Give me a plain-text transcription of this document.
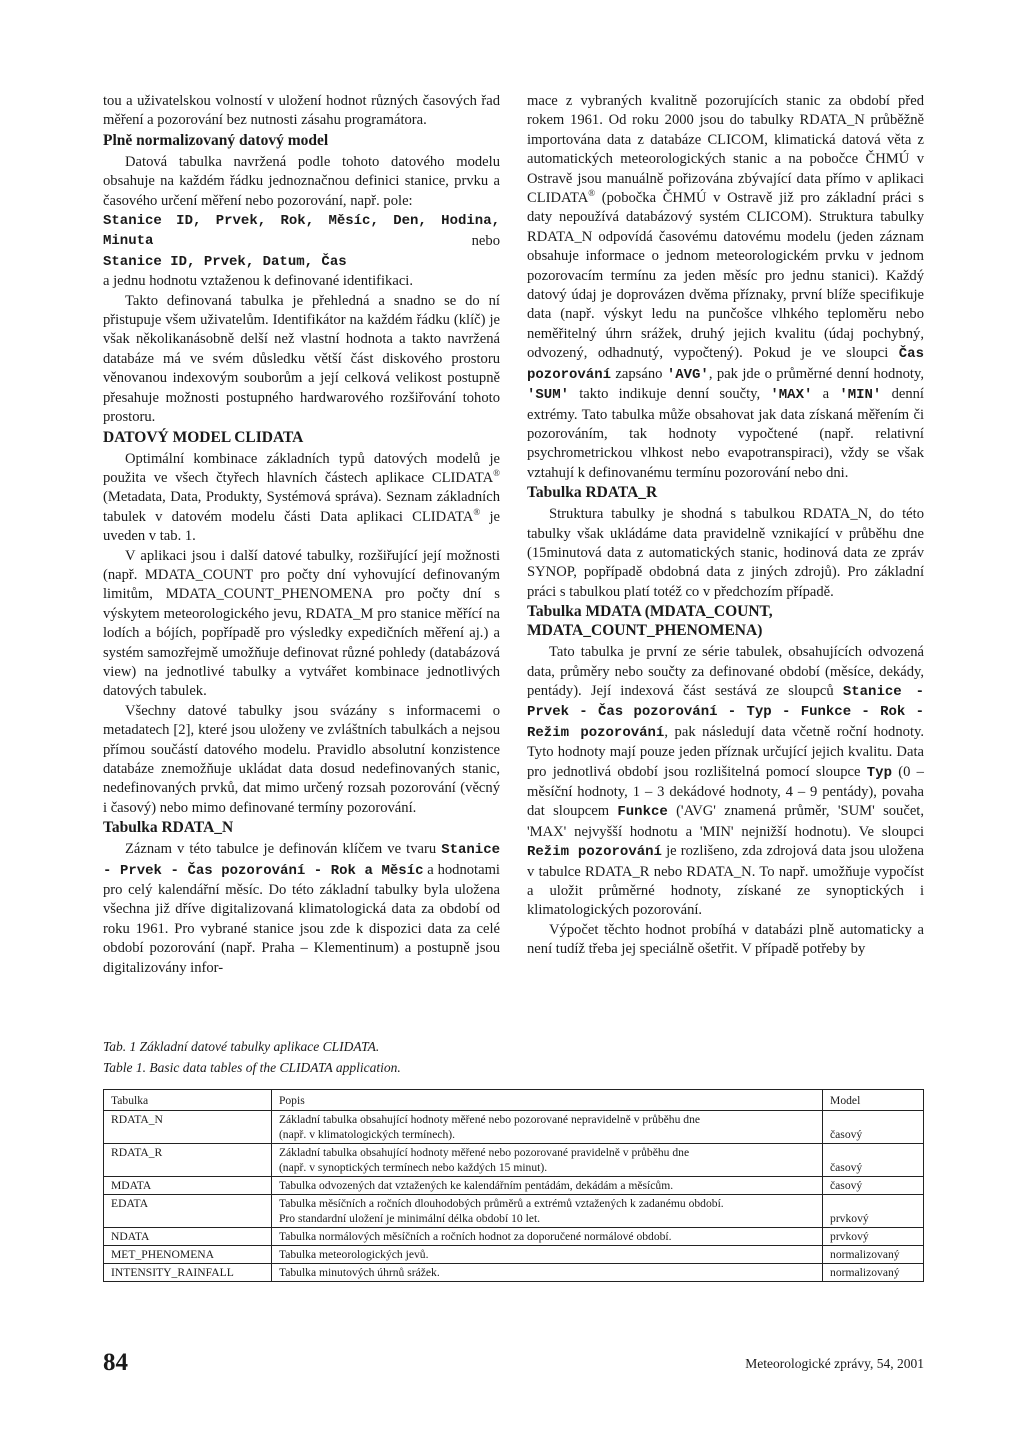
tou a uživatelskou volností v uložení hodnot různých časových řad měření a pozorování bez nutnosti zásahu programátora.

Plně normalizovaný datový model

Datová tabulka navržená podle tohoto datového modelu obsahuje na každém řádku jednoznačnou definici stanice, prvku a časového určení měření nebo pozorování, např. pole:

Stanice ID, Prvek, Rok, Měsíc, Den, Hodina, Minuta	nebo
Stanice ID, Prvek, Datum, Čas

a jednu hodnotu vztaženou k definované identifikaci.

Takto definovaná tabulka je přehledná a snadno se do ní přistupuje všem uživatelům. Identifikátor na každém řádku (klíč) je však několikanásobně delší než vlastní hodnota a takto navržená databáze má ve svém důsledku větší část diskového prostoru věnovanou indexovým souborům a její celková velikost postupně přesahuje možnosti postupného hardwarového rozšiřování tohoto prostoru.

DATOVÝ MODEL CLIDATA

Optimální kombinace základních typů datových modelů je použita ve všech čtyřech hlavních částech aplikace CLIDATA® (Metadata, Data, Produkty, Systémová správa). Seznam základních tabulek v datovém modelu části Data aplikaci CLIDATA® je uveden v tab. 1.

V aplikaci jsou i další datové tabulky, rozšiřující její možnosti (např. MDATA_COUNT pro počty dní vyhovující definovaným limitům, MDATA_COUNT_PHENOMENA pro počty dní s výskytem meteorologického jevu, RDATA_M pro stanice měřící na lodích a bójích, popřípadě pro výsledky expedičních měření aj.) a systém samozřejmě umožňuje definovat různé pohledy (databázová view) na jednotlivé tabulky a vytvářet kombinace jednotlivých datových tabulek.

Všechny datové tabulky jsou svázány s informacemi o metadatech [2], které jsou uloženy ve zvláštních tabulkách a nejsou přímou součástí datového modelu. Pravidlo absolutní konzistence databáze znemožňuje ukládat data dosud nedefinovaných stanic, nedefinovaných prvků, dat mimo určený rozsah pozorování (věcný i časový) nebo mimo definované termíny pozorování.

Tabulka RDATA_N

Záznam v této tabulce je definován klíčem ve tvaru Stanice - Prvek - Čas pozorování - Rok a Měsíc a hodnotami pro celý kalendářní měsíc. Do této základní tabulky byla uložena všechna již dříve digitalizovaná klimatologická data za období od roku 1961. Pro vybrané stanice jsou zde k dispozici data za celé období pozorování (např. Praha – Klementinum) a postupně jsou digitalizovány infor-

mace z vybraných kvalitně pozorujících stanic za období před rokem 1961. Od roku 2000 jsou do tabulky RDATA_N průběžně importována data z databáze CLICOM, klimatická datová věta z automatických meteorologických stanic a na pobočce ČHMÚ v Ostravě jsou manuálně pořizována zbývající data přímo v aplikaci CLIDATA® (pobočka ČHMÚ v Ostravě již pro základní práci s daty nepoužívá databázový systém CLICOM). Struktura tabulky RDATA_N odpovídá časovému datovému modelu (jeden záznam obsahuje informace o jednom meteorologickém prvku v jednom pozorovacím termínu za jeden měsíc pro jednu stanici). Každý datový údaj je doprovázen dvěma příznaky, první blíže specifikuje data (např. výskyt ledu na punčošce vlhkého teploměru nebo neměřitelný úhrn srážek, druhý jejich kvalitu (údaj pochybný, odvozený, odhadnutý, vypočtený). Pokud je ve sloupci Čas pozorování zapsáno 'AVG', pak jde o průměrné denní hodnoty, 'SUM' takto indikuje denní součty, 'MAX' a 'MIN' denní extrémy. Tato tabulka může obsahovat jak data získaná měřením či pozorováním, tak hodnoty vypočtené (např. relativní psychrometrickou vlhkost nebo evapotranspiraci), vždy se však vztahují k definovanému termínu pozorování nebo dni.

Tabulka RDATA_R

Struktura tabulky je shodná s tabulkou RDATA_N, do této tabulky však ukládáme data pravidelně vznikající v průběhu dne (15minutová data z automatických stanic, hodinová data ze zpráv SYNOP, popřípadě obdobná data z jiných zdrojů). Pro základní práci s tabulkou platí totéž co v předchozím případě.

Tabulka MDATA (MDATA_COUNT, MDATA_COUNT_PHENOMENA)

Tato tabulka je první ze série tabulek, obsahujících odvozená data, průměry nebo součty za definované období (měsíce, dekády, pentády). Její indexová část sestává ze sloupců Stanice - Prvek - Čas pozorování - Typ - Funkce - Rok - Režim pozorování, pak následují data včetně roční hodnoty. Tyto hodnoty mají pouze jeden příznak určující jejich kvalitu. Data pro jednotlivá období jsou rozlišitelná pomocí sloupce Typ (0 – měsíční hodnoty, 1 – 3 dekádové hodnoty, 4 – 9 pentády), povaha dat sloupcem Funkce ('AVG' znamená průměr, 'SUM' součet, 'MAX' nejvyšší hodnotu a 'MIN' nejnižší hodnotu). Ve sloupci Režim pozorování je rozlišeno, zda zdrojová data jsou uložena v tabulce RDATA_R nebo RDATA_N. To např. umožňuje vypočíst a uložit průměrné hodnoty, získané ze synoptických i klimatologických pozorování.

Výpočet těchto hodnot probíhá v databázi plně automaticky a není tudíž třeba jej speciálně ošetřit. V případě potřeby by

Tab. 1 Základní datové tabulky aplikace CLIDATA.
Table 1. Basic data tables of the CLIDATA application.
Tabulka	Popis	Model
RDATA_N	Základní tabulka obsahující hodnoty měřené nebo pozorované nepravidelně v průběhu dne
(např. v klimatologických termínech).	časový
RDATA_R	Základní tabulka obsahující hodnoty měřené nebo pozorované pravidelně v průběhu dne
(např. v synoptických termínech nebo každých 15 minut).	časový
MDATA	Tabulka odvozených dat vztažených ke kalendářním pentádám, dekádám a měsícům.	časový
EDATA	Tabulka měsíčních a ročních dlouhodobých průměrů a extrémů vztažených k zadanému období.
Pro standardní uložení je minimální délka období 10 let.	prvkový
NDATA	Tabulka normálových měsíčních a ročních hodnot za doporučené normálové období.	prvkový
MET_PHENOMENA	Tabulka meteorologických jevů.	normalizovaný
INTENSITY_RAINFALL	Tabulka minutových úhrnů srážek.	normalizovaný
84	Meteorologické zprávy, 54, 2001
